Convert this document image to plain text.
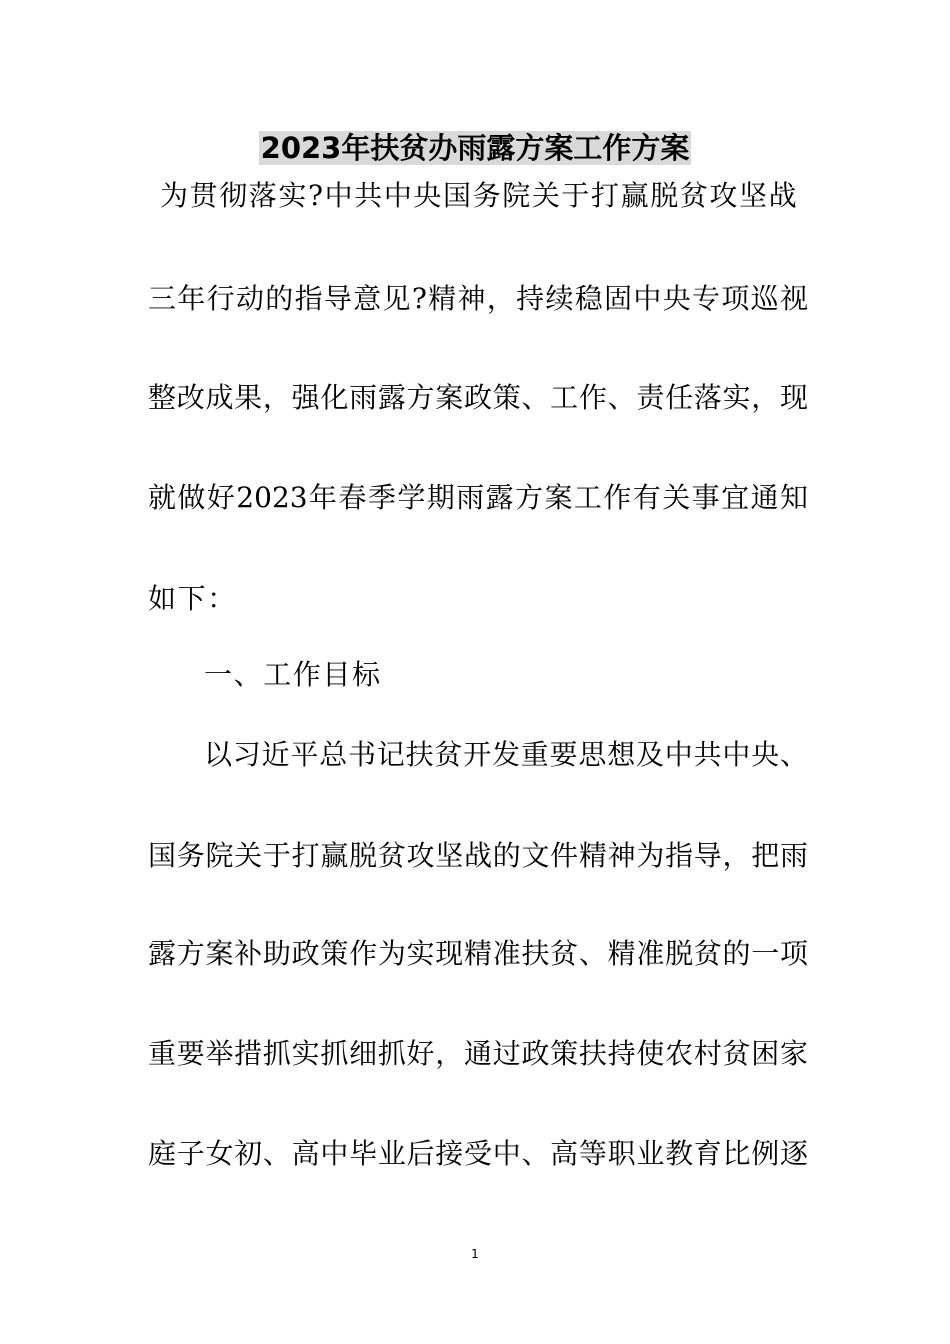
2023年扶贫办雨露方案工作方案
为贯彻落实?中共中央国务院关于打赢脱贫攻坚战
三年行动的指导意见?精神，持续稳固中央专项巡视
整改成果，强化雨露方案政策、工作、责任落实，现
就做好2023年春季学期雨露方案工作有关事宜通知
如下：
一、工作目标
以习近平总书记扶贫开发重要思想及中共中央、
国务院关于打赢脱贫攻坚战的文件精神为指导，把雨
露方案补助政策作为实现精准扶贫、精准脱贫的一项
重要举措抓实抓细抓好，通过政策扶持使农村贫困家
庭子女初、高中毕业后接受中、高等职业教育比例逐
1
